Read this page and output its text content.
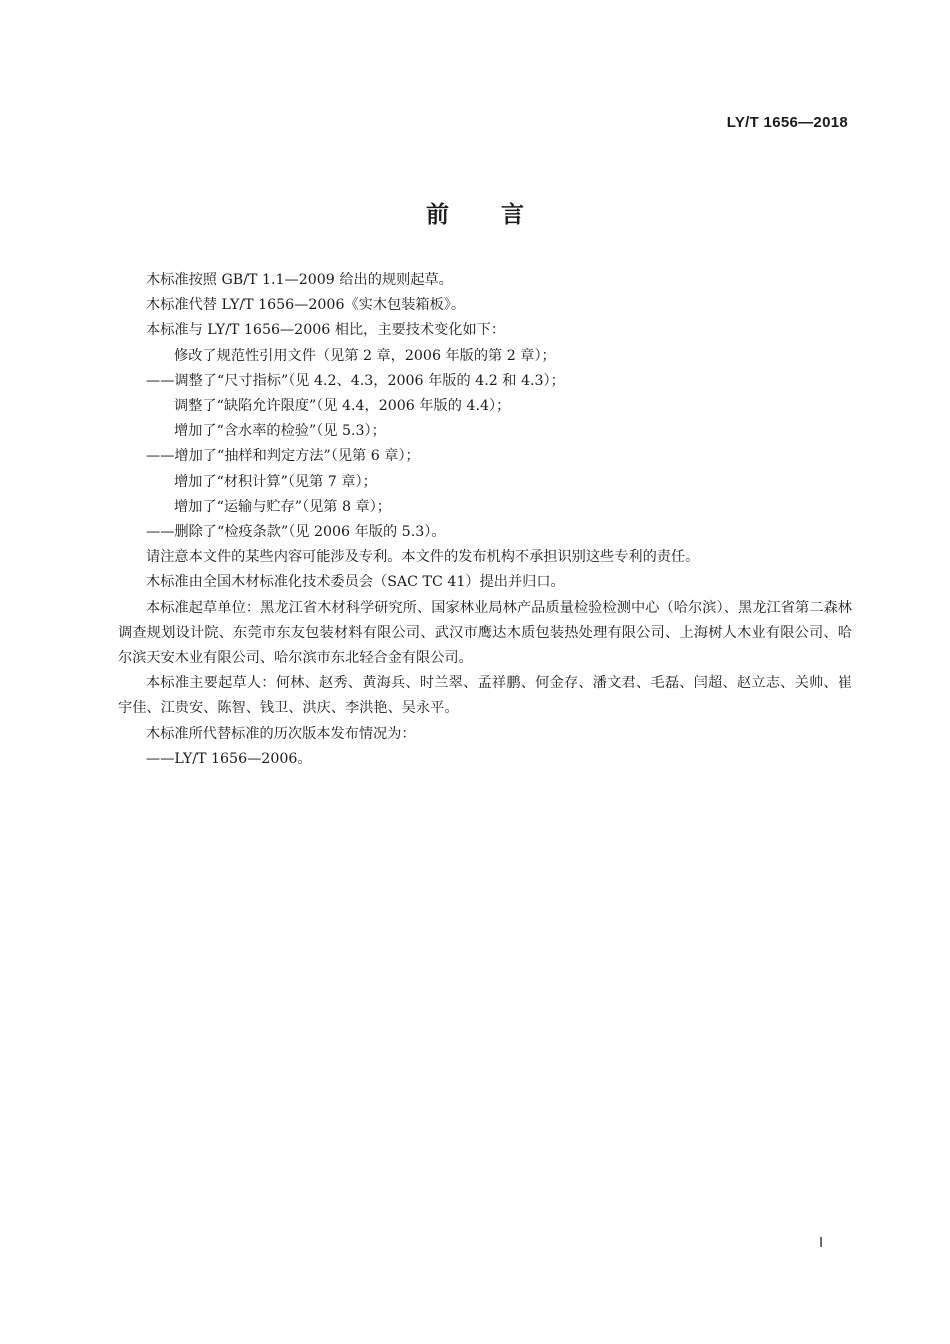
LY/T 1656—2018
前 言

木标准按照 GB/T 1.1—2009 给出的规则起草。

木标准代替 LY/T 1656—2006《实木包装箱板》。

本标准与 LY/T 1656—2006 相比，主要技术变化如下：

修改了规范性引用文件（见第 2 章，2006 年版的第 2 章）；

——调整了“尺寸指标”（见 4.2、4.3，2006 年版的 4.2 和 4.3）；

调整了“缺陷允许限度”（见 4.4，2006 年版的 4.4）；

增加了“含水率的检验”（见 5.3）；

——增加了“抽样和判定方法”（见第 6 章）；

增加了“材积计算”（见第 7 章）；

增加了“运输与贮存”（见第 8 章）；

——删除了“检疫条款”（见 2006 年版的 5.3）。

请注意本文件的某些内容可能涉及专利。本文件的发布机构不承担识别这些专利的责任。

木标准由全国木材标准化技术委员会（SAC TC 41）提出并归口。

本标准起草单位：黑龙江省木材科学研究所、国家林业局林产品质量检验检测中心（哈尔滨）、黑龙江省第二森林调查规划设计院、东莞市东友包装材料有限公司、武汉市鹰达木质包装热处理有限公司、上海树人木业有限公司、哈尔滨天安木业有限公司、哈尔滨市东北轻合金有限公司。

本标准主要起草人：何林、赵秀、黄海兵、时兰翠、孟祥鹏、何金存、潘文君、毛磊、闫超、赵立志、关帅、崔宇佳、江贵安、陈智、钱卫、洪庆、李洪艳、吴永平。

木标准所代替标准的历次版本发布情况为：

——LY/T 1656—2006。

I
